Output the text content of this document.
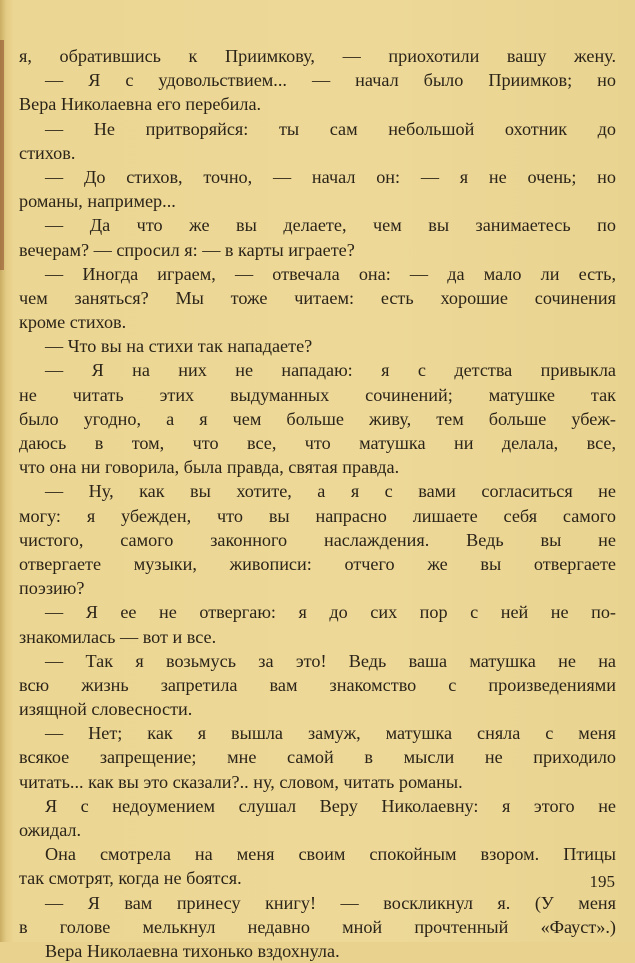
я, обратившись к Приимкову, — приохотили вашу жену.
— Я с удовольствием... — начал было Приимков; но
Вера Николаевна его перебила.
— Не притворяйся: ты сам небольшой охотник до
стихов.
— До стихов, точно, — начал он: — я не очень; но
романы, например...
— Да что же вы делаете, чем вы занимаетесь по
вечерам? — спросил я: — в карты играете?
— Иногда играем, — отвечала она: — да мало ли есть,
чем заняться? Мы тоже читаем: есть хорошие сочинения
кроме стихов.
— Что вы на стихи так нападаете?
— Я на них не нападаю: я с детства привыкла
не читать этих выдуманных сочинений; матушке так
было угодно, а я чем больше живу, тем больше убеж-
даюсь в том, что все, что матушка ни делала, все,
что она ни говорила, была правда, святая правда.
— Ну, как вы хотите, а я с вами согласиться не
могу: я убежден, что вы напрасно лишаете себя самого
чистого, самого законного наслаждения. Ведь вы не
отвергаете музыки, живописи: отчего же вы отвергаете
поэзию?
— Я ее не отвергаю: я до сих пор с ней не по-
знакомилась — вот и все.
— Так я возьмусь за это! Ведь ваша матушка не на
всю жизнь запретила вам знакомство с произведениями
изящной словесности.
— Нет; как я вышла замуж, матушка сняла с меня
всякое запрещение; мне самой в мысли не приходило
читать... как вы это сказали?.. ну, словом, читать романы.
Я с недоумением слушал Веру Николаевну: я этого не
ожидал.
Она смотрела на меня своим спокойным взором. Птицы
так смотрят, когда не боятся.
— Я вам принесу книгу! — воскликнул я. (У меня
в голове мелькнул недавно мной прочтенный «Фауст».)
Вера Николаевна тихонько вздохнула.
195
